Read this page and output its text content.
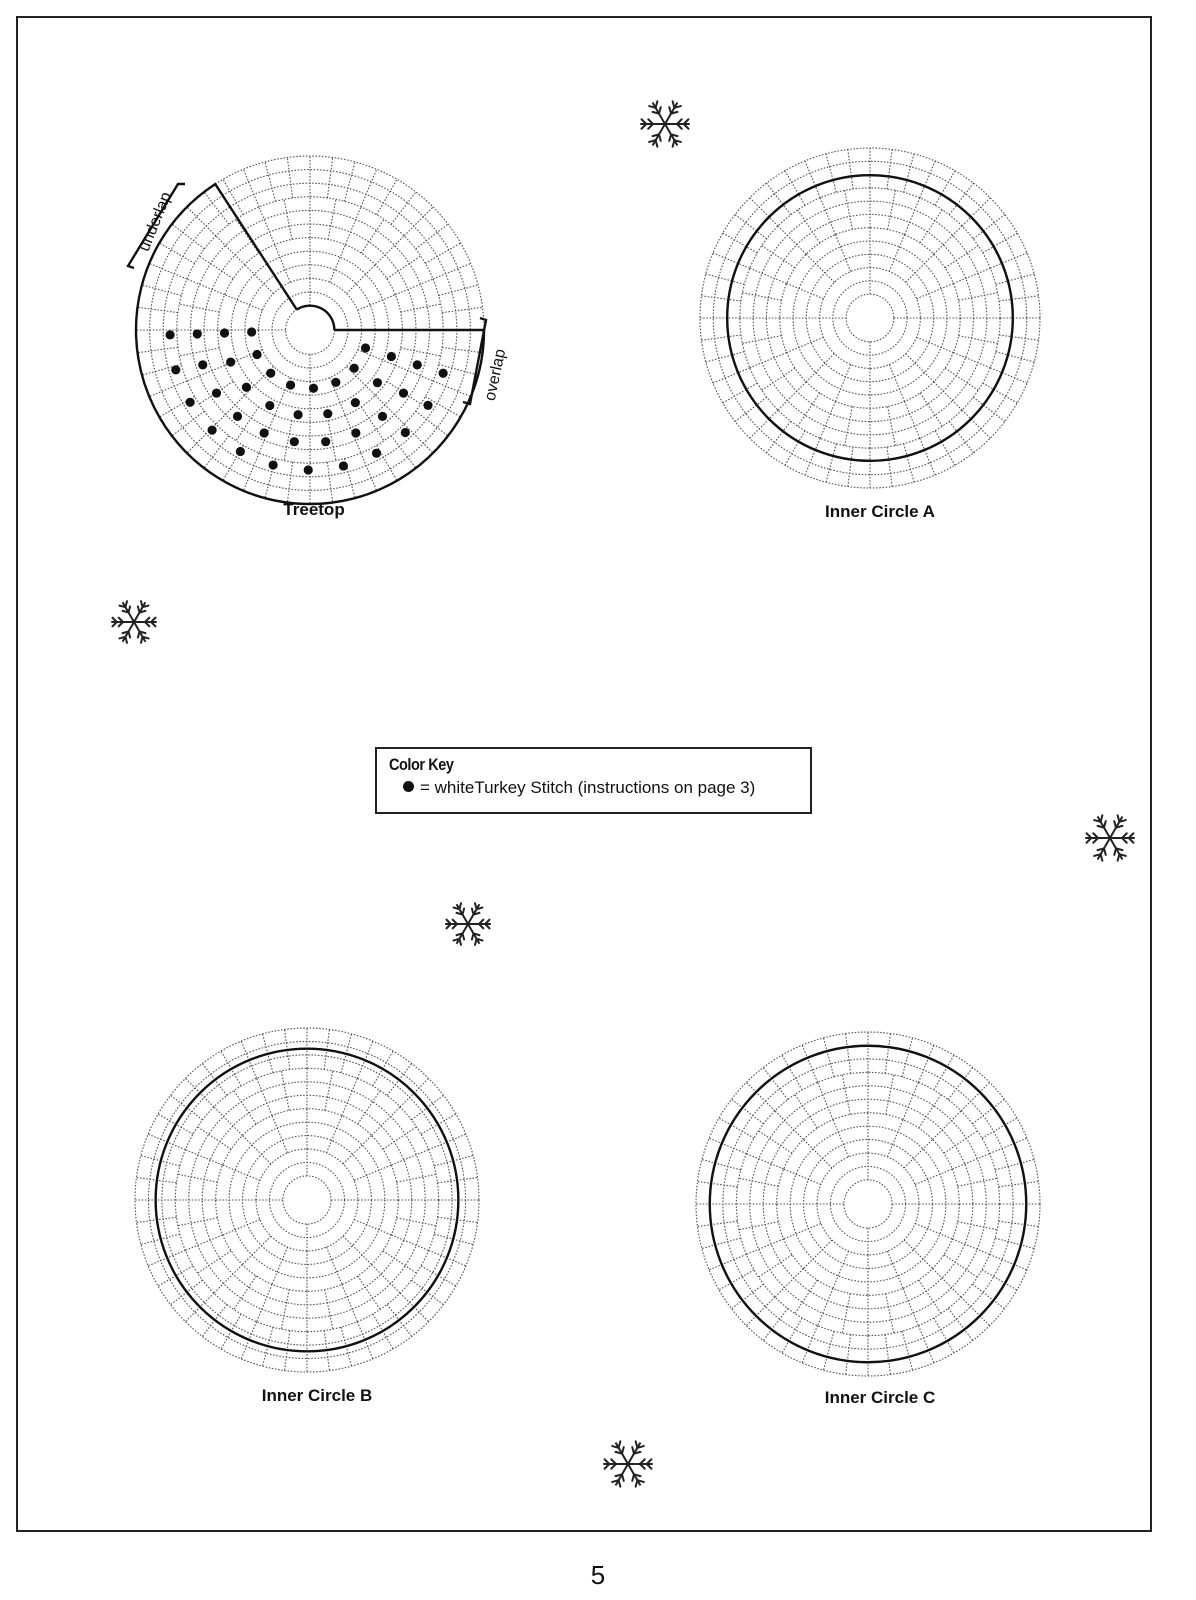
Treetop	Inner Circle A
Inner Circle B	Inner Circle C
underlap
overlap
Color Key
= whiteTurkey Stitch (instructions on page 3)
5
